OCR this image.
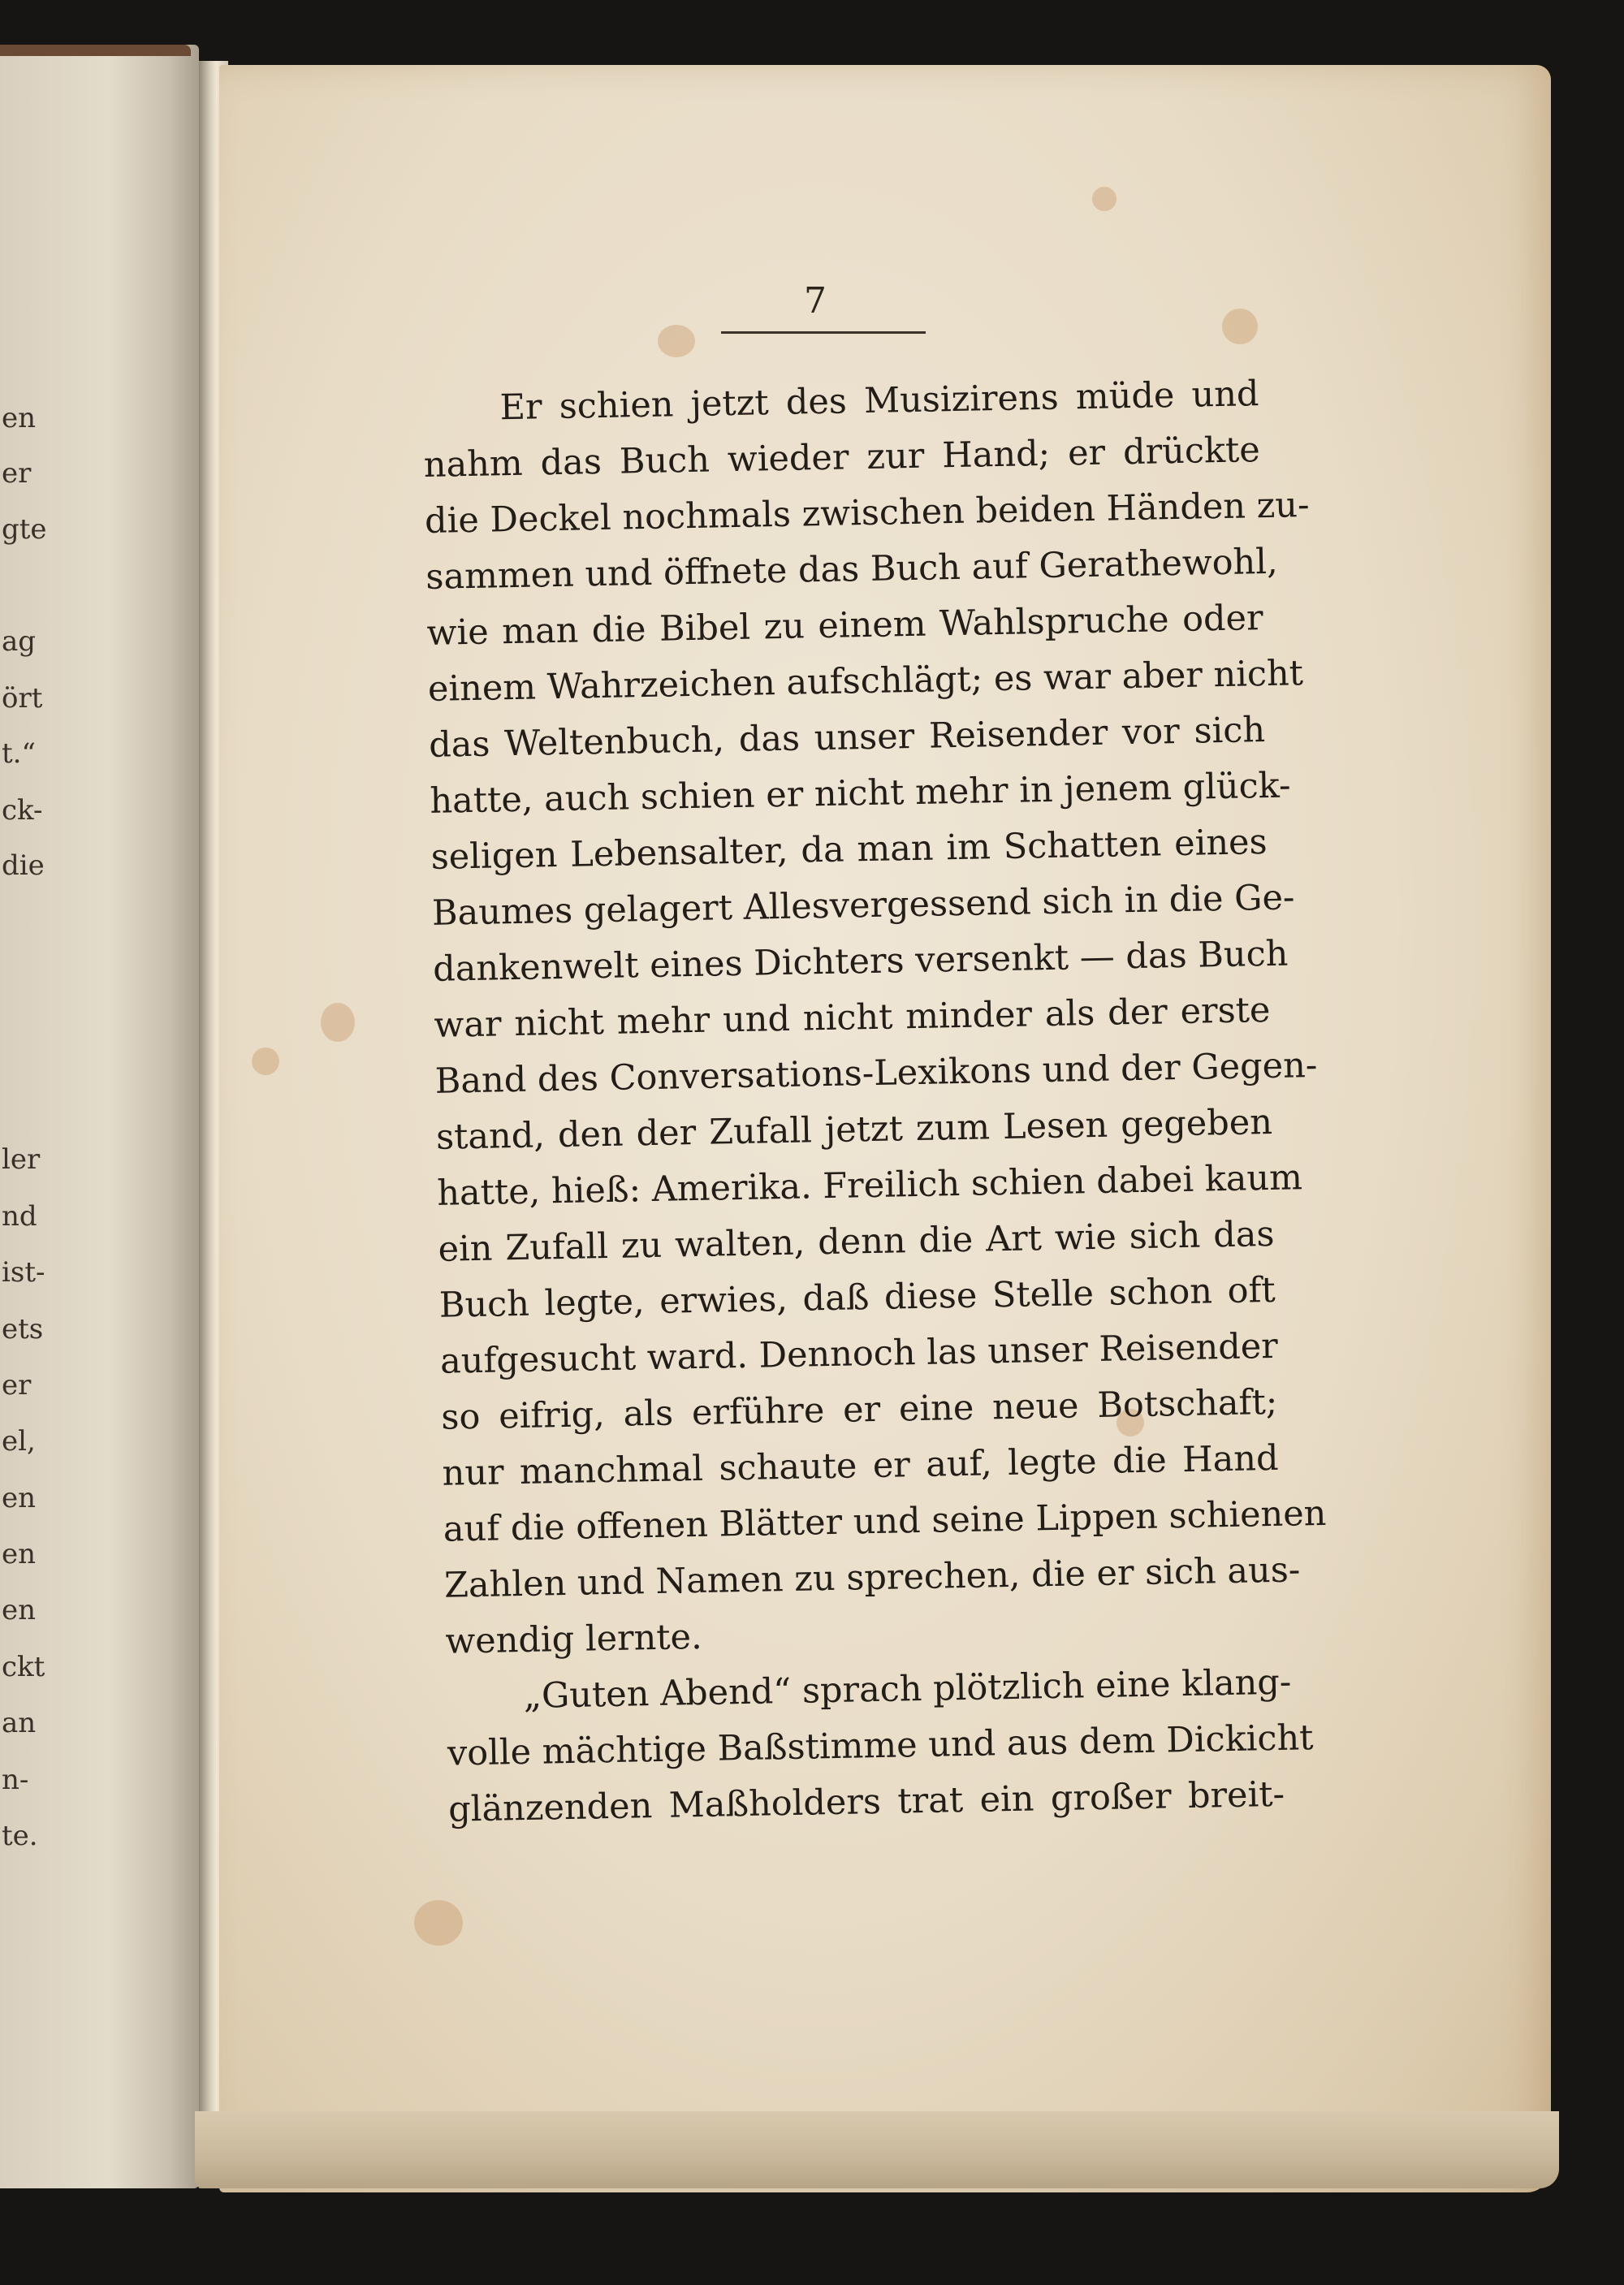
en
er
gte
ag
ört
t.“
ck-
die
ler
nd
ist-
ets
er
el,
en
en
en
ckt
an
n-
te.
7
Er schien jetzt des Musizirens müde und
nahm das Buch wieder zur Hand; er drückte
die Deckel nochmals zwischen beiden Händen zu-
sammen und öffnete das Buch auf Gerathewohl,
wie man die Bibel zu einem Wahlspruche oder
einem Wahrzeichen aufschlägt; es war aber nicht
das Weltenbuch, das unser Reisender vor sich
hatte, auch schien er nicht mehr in jenem glück-
seligen Lebensalter, da man im Schatten eines
Baumes gelagert Allesvergessend sich in die Ge-
dankenwelt eines Dichters versenkt — das Buch
war nicht mehr und nicht minder als der erste
Band des Conversations-Lexikons und der Gegen-
stand, den der Zufall jetzt zum Lesen gegeben
hatte, hieß: Amerika. Freilich schien dabei kaum
ein Zufall zu walten, denn die Art wie sich das
Buch legte, erwies, daß diese Stelle schon oft
aufgesucht ward. Dennoch las unser Reisender
so eifrig, als erführe er eine neue Botschaft;
nur manchmal schaute er auf, legte die Hand
auf die offenen Blätter und seine Lippen schienen
Zahlen und Namen zu sprechen, die er sich aus-
wendig lernte.
„Guten Abend“ sprach plötzlich eine klang-
volle mächtige Baßstimme und aus dem Dickicht
glänzenden Maßholders trat ein großer breit-
